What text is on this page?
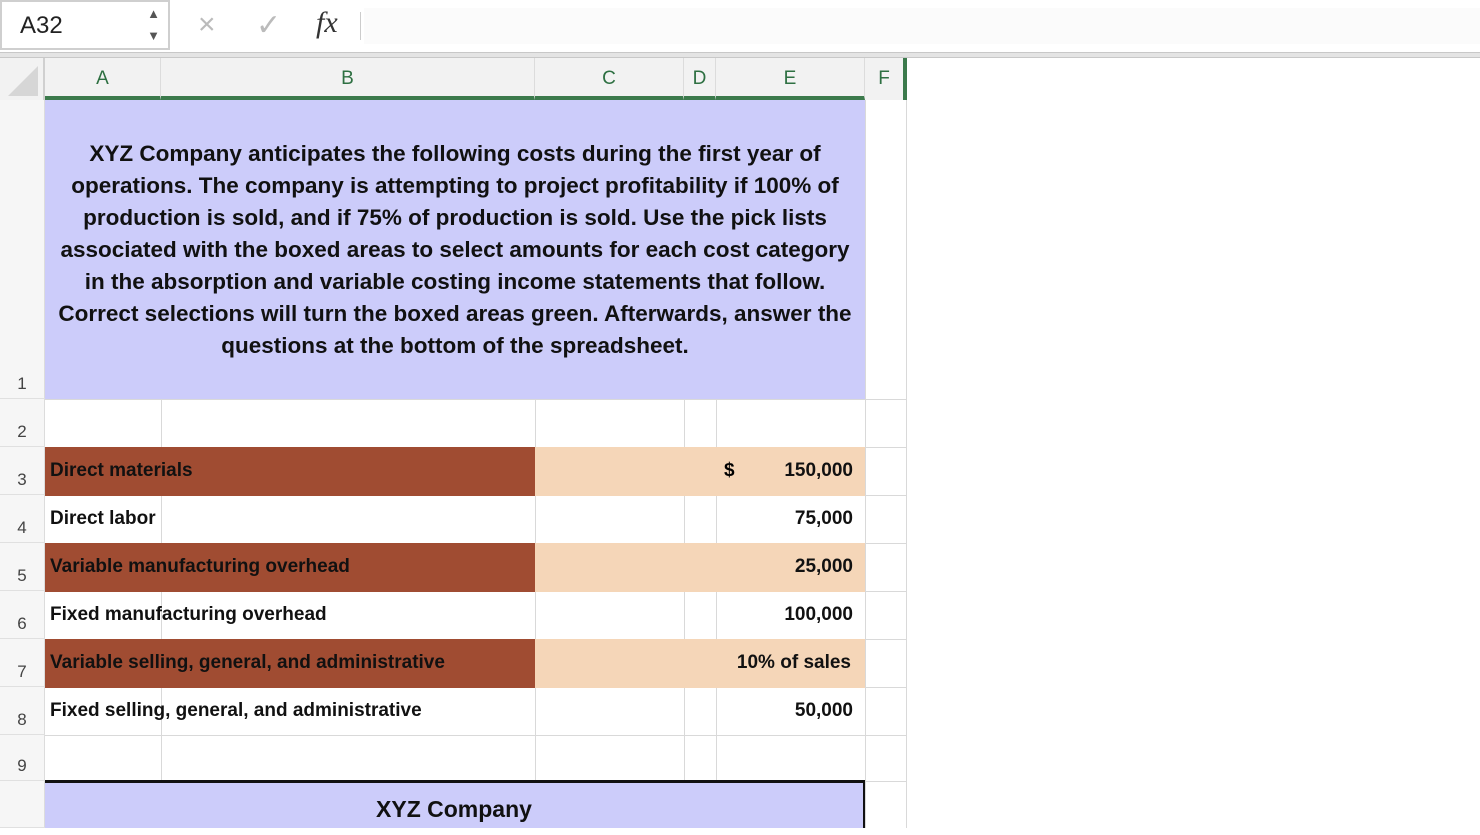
A32	▲
▼ × ✓ fx
A	B	C	D	E	F
1
2
3
4
5
6
7
8
9
XYZ Company anticipates the following costs during the first year of operations. The company is attempting to project profitability if 100% of production is sold, and if 75% of production is sold. Use the pick lists associated with the boxed areas to select amounts for each cost category in the absorption and variable costing income statements that follow. Correct selections will turn the boxed areas green. Afterwards, answer the questions at the bottom of the spreadsheet.
Direct materials	$	150,000
Direct labor	75,000
Variable manufacturing overhead	25,000
Fixed manufacturing overhead	100,000
Variable selling, general, and administrative	10% of sales
Fixed selling, general, and administrative	50,000
XYZ Company
